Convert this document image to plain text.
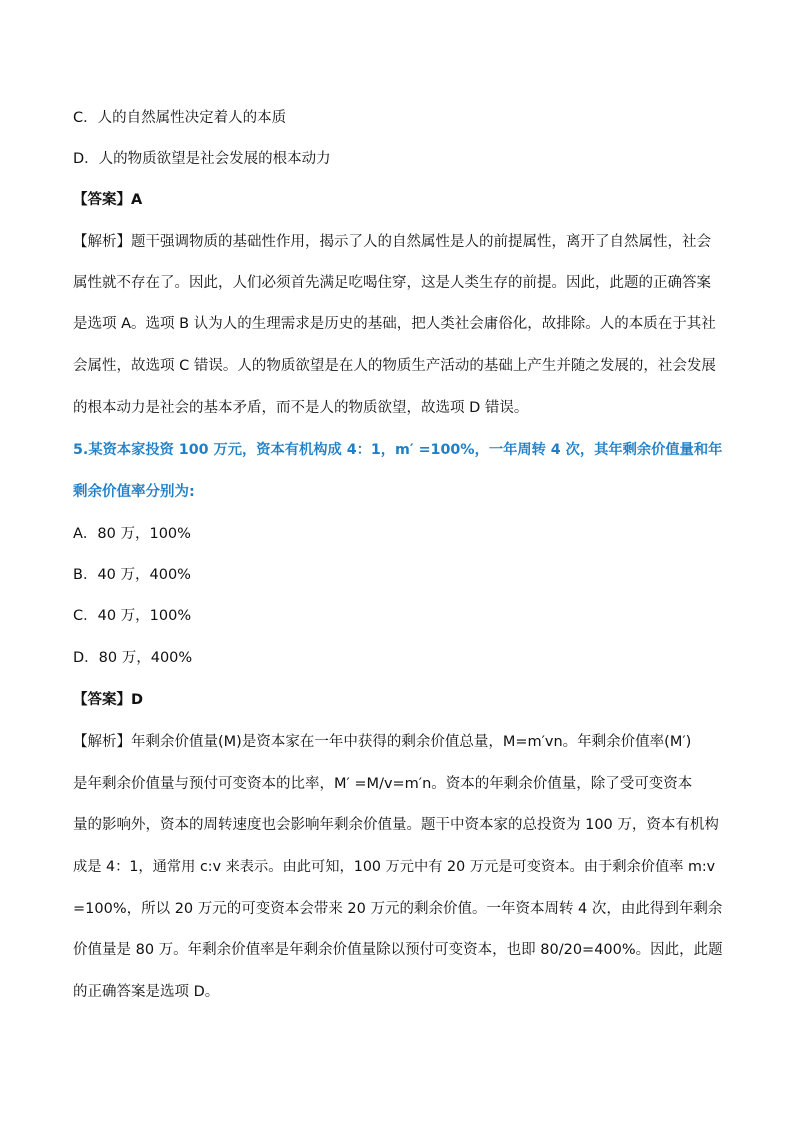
C．人的自然属性决定着人的本质
D．人的物质欲望是社会发展的根本动力
【答案】A
【解析】题干强调物质的基础性作用，揭示了人的自然属性是人的前提属性，离开了自然属性，社会
属性就不存在了。因此，人们必须首先满足吃喝住穿，这是人类生存的前提。因此，此题的正确答案
是选项 A。选项 B 认为人的生理需求是历史的基础，把人类社会庸俗化，故排除。人的本质在于其社
会属性，故选项 C 错误。人的物质欲望是在人的物质生产活动的基础上产生并随之发展的，社会发展
的根本动力是社会的基本矛盾，而不是人的物质欲望，故选项 D 错误。
5.某资本家投资 100 万元，资本有机构成 4：1，m′ =100%，一年周转 4 次，其年剩余价值量和年
剩余价值率分别为:
A．80 万，100%
B．40 万，400%
C．40 万，100%
D．80 万，400%
【答案】D
【解析】年剩余价值量(M)是资本家在一年中获得的剩余价值总量，M=m′vn。年剩余价值率(M′)
是年剩余价值量与预付可变资本的比率，M′ =M/v=m′n。资本的年剩余价值量，除了受可变资本
量的影响外，资本的周转速度也会影响年剩余价值量。题干中资本家的总投资为 100 万，资本有机构
成是 4：1，通常用 c:v 来表示。由此可知，100 万元中有 20 万元是可变资本。由于剩余价值率 m:v
=100%，所以 20 万元的可变资本会带来 20 万元的剩余价值。一年资本周转 4 次，由此得到年剩余
价值量是 80 万。年剩余价值率是年剩余价值量除以预付可变资本，也即 80/20=400%。因此，此题
的正确答案是选项 D。
